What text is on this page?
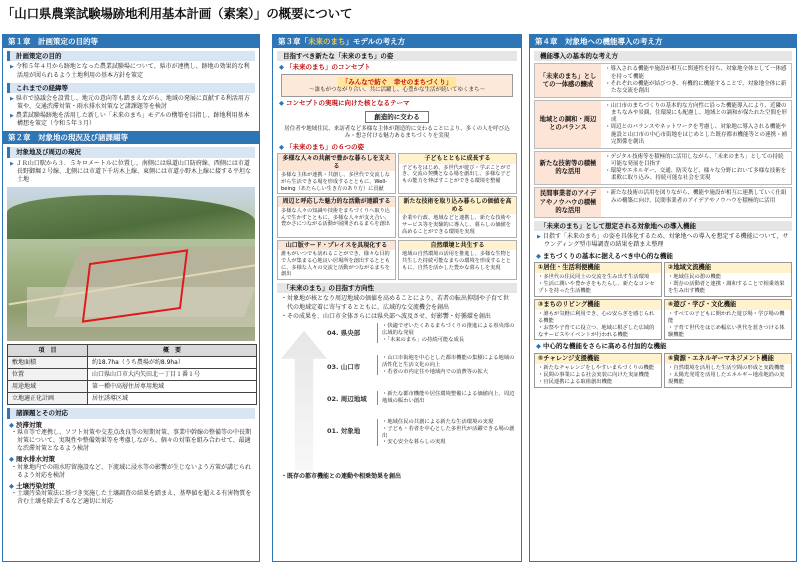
「山口県農業試験場跡地利用基本計画（素案）」の概要について
第１章　計画策定の目的等
計画策定の目的
▶ 令和５年４月から跡地となった農業試験場について、県市が連携し、跡地の効果的な利活用が図られるよう土地利用の基本方針を策定
これまでの経緯等
▶ 県市で協議会を設置し、地元の意向等も踏まえながら、地域の発展に貢献する利活用方策や、交通渋滞対策・雨水排水対策など諸課題等を検討
▶ 農業試験場跡地を活用した新しい「未来のまち」モデルの構築を目指し、跡地利用基本構想を策定（令和５年３月）
第２章　対象地の現況及び諸課題等
対象地及び周辺の現況
▶ ＪＲ山口駅から３．５キロメートルに位置し、南側には県道山口防府線、西側には市道長野御堀２号線、北側には市道下千坊木上線、東側には市道小野木上線に接する平坦な土地
項　目	概　要
敷地面積	約18.7ha（うち農場が約8.9ha）
位置	山口県山口市大内矢田北一丁目１番１号
用途地域	第一種中高層住居専用地域
立地適正化計画	居住誘導区域
諸課題とその対応
◆ 渋滞対策
・ 県市等で連携し、ソフト対策や交差点改良等の短期対策、事業中幹線の整備等の中長期対策について、実現性や整備効果等を考慮しながら、個々の対策を組み合わせて、最適な渋滞対策となるよう検討
◆ 雨水排水対策
・ 対象地内での雨水貯留施設など、下流域に浸水等の影響が生じないよう方策が講じられるよう対応を検討
◆ 土壌汚染対策
・ 土壌汚染対策法に基づき実施した土壌調査の結果を踏まえ、基準値を超える有害物質を含む土壌を除去するなど適切に対応
第３章「未来のまち」モデルの考え方
目指すべき新たな「未来のまち」の姿
◆ 「未来のまち」のコンセプト
「みんなで紡ぐ　幸せのまちづくり」
～誰もがつながり合い、共に活躍し、心豊かな生活が続いてゆくまち～
◆ コンセプトの実現に向けた核となるテーマ
創造的に交わる
居住者や地域住民、来訪者など多様な主体が創造的に交わることにより、多くの人を呼び込み・想さ付ける魅力あるまちづくりを実現
◆ 「未来のまち」の６つの姿
多様な人々の共創で豊かな暮らしを支える
多様な主体が連携・共創し、多世代で交流しながら生活できる場を形成するとともに、Well-being（あたらしい生き方のあり方）に貢献
子どもとともに成長する
子どもをはじめ、多世代が遊び・学ぶことができ、交流の契機となる場を創出し、多様な子どもの能力を伸ばすことができる環境を整備
周辺と呼応した魅力的な活動が連鎖する
多様な人々の知識や技術をまちづくりへ取り込んで生かすとともに、多様な人々が支え合い、豊かさにつながる活動が展開されるまちを創出
新たな技術を取り込み暮らしの価値を高める
企業や行政、地域などと連携し、新たな技術やサービス等を実験的に導入し、暮らしの価値を高めることができる環境を実現
山口版サード・プレイスを具現化する
誰もがいつでも訪れることができ、様々な目的で人が集まる心地良い居場所を創出するとともに、多様な人々の交流と活動がつながるまちを創出
自然環境と共生する
地域の自然環境の活用を推進し、多様な生物と共生した持続可能なまちの環境を形成するとともに、自然を活かした豊かな暮らしを実現
「未来のまち」の目指す方向性
・ 対象地が核となり周辺地域の価値を高めることにより、若者の転出抑制や子育て世代の地域定着に寄与するとともに、広域的な交流機会を創出
・ その成果を、山口市全体さらには県央部へ波及させ、好影響・好循環を創出
04. 県央部
・ 快適でぜいたくあるまちづくりの推進による県央部の広域的な発展
・ 「未来のまち」の持続可能な成長
03. 山口市
・ 山口市街地を中心とした都市機能の集積による地域の活性化と生活文化の向上
・ 若者の市内定住や地域内での消費等の拡大
02. 周辺地域
・ 新たな都市機能や居住環境整備による価値向上、周辺地域の賑わい創出
01. 対象地
・ 地域住民の共創による新たな生活環境の実現
・ 子ども・若者を中心とした多世代が活躍できる場の創出
・ 安心安全な暮らしの実現
・ 既存の都市機能との連動や相乗効果を創出
第４章　対象地への機能導入の考え方
機能導入の基本的な考え方
「未来のまち」としての一体感の醸成
・ 導入される機能や施設が相互に関連性を持ち、対象地全体として一体感を持って機能
・ それぞれの機能が結びつき、有機的に機能することで、対象地全体に新たな交流を創出
地域との調和・周辺とのバランス
・ 山口市のまちづくりの基本的な方向性に沿った機能導入により、近隣のまちなみや景観、住環境にも配慮し、地域との調和が保たれた空間を形成
・ 周辺とのバランスやネットワークを考慮し、対象地に導入される機能や施設と山口市の中心市街地をはじめとした既存都市機能等との連携・補完関係を創出
新たな技術等の積極的な活用
・ デジタル技術等を積極的に活用しながら、「未来のまち」としての持続可能な発展を目指す
・ 環境やエネルギー、交通、防災など、様々な分野において多様な技術を柔軟に取り込み、持続可能な社会を実現
民間事業者のアイデアやノウハウの積極的な活用
・ 新たな技術の活用を図りながら、機能や施設が相互に連携していく仕組みの構築に向け、民間事業者のアイデアやノウハウを積極的に活用
「未来のまち」として想定される対象地への導入機能
▶ 目指す「未来のまち」の姿を具体化するため、対象地への導入を想定する機能について、サウンディング型市場調査の結果を踏まえ整理
◆ まちづくりの基本に据えるべき中心的な機能
①居住・生活利便機能
・ 多世代の住民同士の交流を生み出す生活環境
・ 生活に潤いや豊かさをもたらし、新たなコンセプトを持った生活機能
②地域文流機能
・ 地域住民の憩の機能
・ 既存の活動者と連携・調和することで相乗効果を生み出す機能
③まちのリビング機能
・ 誰もが気軽に利用でき、心の安らぎを感じられる機能
・ お祭や子育てに役立つ、地域に根ざした広域的なサービスやイベントが行われる機能
④遊び・学び・文化機能
・ すべての子どもに開かれた遊び場・学び場の機能
・ 子育て世代をはじめ幅広い世代を惹きつける体験機能
◆ 中心的な機能をさらに高める付加的な機能
⑤チャレンジ支援機能
・ 新たなチャレンジをしやすいまちづくりの機能
・ 民間の事業による社会実装に向けた実証機能
・ 官民連携による取組創出機能
⑥資源・エネルギーマネジメント機能
・ 自然環境を活用した生活空間の形成と実践機能
・ 太陽光発電を活用したエネルギー地産地消の実現機能
